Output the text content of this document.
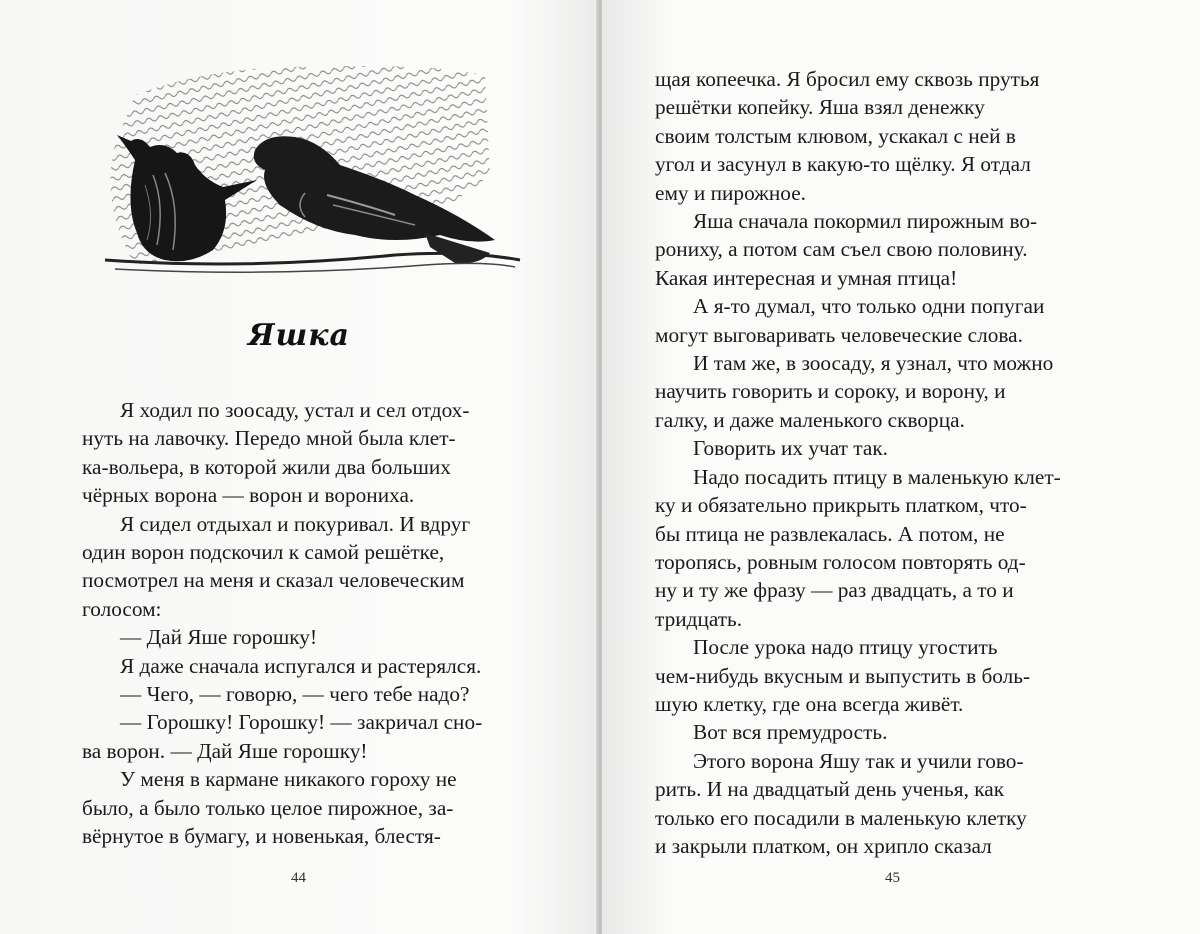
Яшка

Я ходил по зоосаду, устал и сел отдох-

нуть на лавочку. Передо мной была клет-

ка-вольера, в которой жили два больших

чёрных ворона — ворон и ворониха.

Я сидел отдыхал и покуривал. И вдруг

один ворон подскочил к самой решётке,

посмотрел на меня и сказал человеческим

голосом:

— Дай Яше горошку!

Я даже сначала испугался и растерялся.

— Чего, — говорю, — чего тебе надо?

— Горошку! Горошку! — закричал сно-

ва ворон. — Дай Яше горошку!

У меня в кармане никакого гороху не

было, а было только целое пирожное, за-

вёрнутое в бумагу, и новенькая, блестя-

44

щая копеечка. Я бросил ему сквозь прутья

решётки копейку. Яша взял денежку

своим толстым клювом, ускакал с ней в

угол и засунул в какую-то щёлку. Я отдал

ему и пирожное.

Яша сначала покормил пирожным во-

рониху, а потом сам съел свою половину.

Какая интересная и умная птица!

А я-то думал, что только одни попугаи

могут выговаривать человеческие слова.

И там же, в зоосаду, я узнал, что можно

научить говорить и сороку, и ворону, и

галку, и даже маленького скворца.

Говорить их учат так.

Надо посадить птицу в маленькую клет-

ку и обязательно прикрыть платком, что-

бы птица не развлекалась. А потом, не

торопясь, ровным голосом повторять од-

ну и ту же фразу — раз двадцать, а то и

тридцать.

После урока надо птицу угостить

чем-нибудь вкусным и выпустить в боль-

шую клетку, где она всегда живёт.

Вот вся премудрость.

Этого ворона Яшу так и учили гово-

рить. И на двадцатый день ученья, как

только его посадили в маленькую клетку

и закрыли платком, он хрипло сказал

45
